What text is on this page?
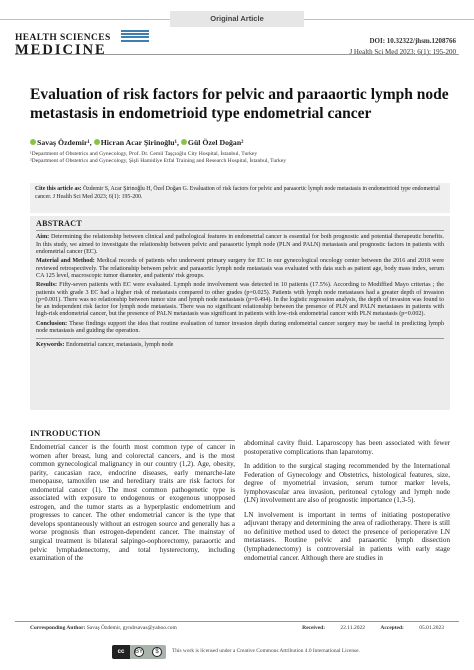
Original Article
HEALTH SCIENCES
MEDICINE
DOI: 10.32322/jhsm.1208766
J Health Sci Med 2023; 6(1): 195-200
Evaluation of risk factors for pelvic and paraaortic lymph node metastasis in endometrioid type endometrial cancer
Savaş Özdemir¹, Hicran Acar Şirinoğlu¹, Gül Özel Doğan²
¹Department of Obstetrics and Gynecology, Prof. Dr. Cemil Taşçıoğlu City Hospital, İstanbul, Turkey
²Department of Obstetrics and Gynecology, Şişli Hamidiye Etfal Training and Research Hospital, İstanbul, Turkey
Cite this article as: Özdemir S, Acar Şirinoğlu H, Özel Doğan G. Evaluation of risk factors for pelvic and paraaortic lymph node metastasis in endometrioid type endometrial cancer. J Health Sci Med 2023; 6(1): 195-200.
ABSTRACT

Aim: Determining the relationship between clinical and pathological features in endometrial cancer is essential for both prognostic and potential therapeutic benefits. In this study, we aimed to investigate the relationship between pelvic and paraaortic lymph node (PLN and PALN) metastasis and prognostic factors in patients with endometrial cancer (EC).

Material and Method: Medical records of patients who underwent primary surgery for EC in our gynecological oncology center between the 2016 and 2018 were reviewed retrospectively. The relationship between pelvic and paraaortic lymph node metastasis was evaluated with data such as patient age, body mass index, serum CA 125 level, macroscopic tumor diameter, and patients' risk groups.

Results: Fifty-seven patients with EC were evaluated. Lymph node involvement was detected in 10 patients (17.5%). According to Modiffied Mayo criterias ; the patients with grade 3 EC had a higher risk of metastasis compared to other grades (p=0.025). Patients with lymph node metastases had a greater depth of invasion (p=0.001). There was no relationship between tumor size and lymph node metastasis (p=0.494). In the logistic regression analysis, the depth of invasion was found to be an independent risk factor for lymph node metastasis. There was no significant relationship between the presence of PLN and PALN metastases in patients with high-risk endometrial cancer, but the presence of PALN metastasis was significant in patients with low-risk endometrial cancer with PLN metastasis (p=0.002).

Conclusion: These findings support the idea that routine evaluation of tumor invasion depth during endometrial cancer surgery may be useful in predicting lymph node metastasis and guiding the operation.

Keywords: Endometrial cancer, metastasis, lymph node

INTRODUCTION

Endometrial cancer is the fourth most common type of cancer in women after breast, lung and colorectal cancers, and is the most common gynecological malignancy in our country (1,2). Age, obesity, parity, caucasian race, endocrine diseases, early menarche-late menopause, tamoxifen use and hereditary traits are risk factors for endometrial cancer (1). The most common pathogenetic type is associated with exposure to endogenous or exogenous unopposed estrogen, and the tumor starts as a hyperplastic endometrium and progresses to cancer. The other endometrial cancer is the type that develops spontaneously without an estrogen source and generally has a worse prognosis than estrogen-dependent cancer. The mainstay of surgical treatment is bilateral salpingo-oophorectomy, paraaortic and pelvic lymphadenectomy, and total hysterectomy, including examination of the

abdominal cavity fluid. Laparoscopy has been associated with fewer postoperative complications than laparotomy.

In addition to the surgical staging recommended by the International Federation of Gynecology and Obstetrics, histological features, size, degree of myometrial invasion, serum tumor marker levels, lymphovascular area invasion, peritoneal cytology and lymph node (LN) involvement are also of prognostic importance (1,3-5).

LN involvement is important in terms of initiating postoperative adjuvant therapy and determining the area of radiotherapy. There is still no definitive method used to detect the presence of perioperative LN metastases. Routine pelvic and paraaortic lymph dissection (lymphadenectomy) is controversial in patients with early stage endometrial cancer. Although there are studies in

Corresponding Author: Savaş Özdemir, gyndrsavas@yahoo.com	Received:	22.11.2022	Accepted:	05.01.2023
cc	BY	$	This work is licensed under a Creative Commons Attribution 4.0 International License.
